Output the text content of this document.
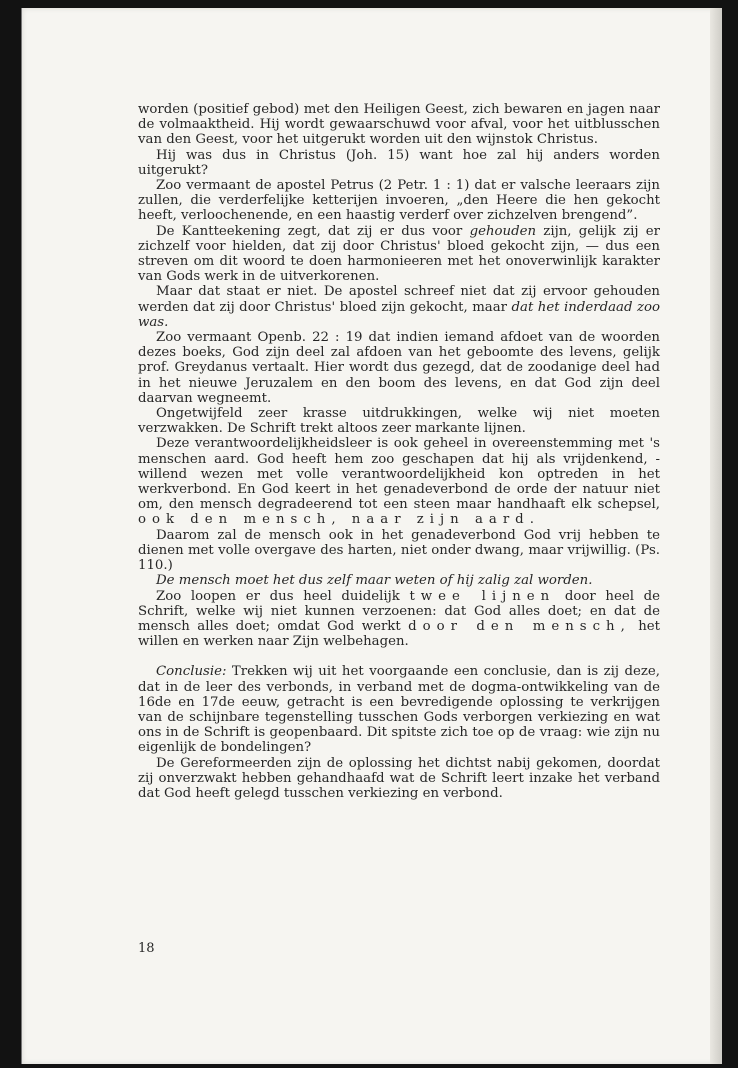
worden (positief gebod) met den Heiligen Geest, zich bewaren en jagen naar de volmaaktheid. Hij wordt gewaarschuwd voor afval, voor het uitblusschen van den Geest, voor het uitgerukt worden uit den wijnstok Christus.

Hij was dus in Christus (Joh. 15) want hoe zal hij anders worden uitgerukt?

Zoo vermaant de apostel Petrus (2 Petr. 1 : 1) dat er valsche leeraars zijn zullen, die verderfelijke ketterijen invoeren, „den Heere die hen gekocht heeft, verloochenende, en een haastig verderf over zichzelven brengend”.

De Kantteekening zegt, dat zij er dus voor gehouden zijn, gelijk zij er zichzelf voor hielden, dat zij door Christus' bloed gekocht zijn, — dus een streven om dit woord te doen harmonieeren met het onoverwinlijk karakter van Gods werk in de uitverkorenen.

Maar dat staat er niet. De apostel schreef niet dat zij ervoor gehouden werden dat zij door Christus' bloed zijn gekocht, maar dat het inderdaad zoo was.

Zoo vermaant Openb. 22 : 19 dat indien iemand afdoet van de woorden dezes boeks, God zijn deel zal afdoen van het geboomte des levens, gelijk prof. Greydanus vertaalt. Hier wordt dus gezegd, dat de zoodanige deel had in het nieuwe Jeruzalem en den boom des levens, en dat God zijn deel daarvan wegneemt.

Ongetwijfeld zeer krasse uitdrukkingen, welke wij niet moeten verzwakken. De Schrift trekt altoos zeer markante lijnen.

Deze verantwoordelijkheidsleer is ook geheel in overeenstemming met 's menschen aard. God heeft hem zoo geschapen dat hij als vrijdenkend, -willend wezen met volle verantwoordelijkheid kon optreden in het werkverbond. En God keert in het genadeverbond de orde der natuur niet om, den mensch degradeerend tot een steen maar handhaaft elk schepsel, ook den mensch, naar zijn aard.

Daarom zal de mensch ook in het genadeverbond God vrij hebben te dienen met volle overgave des harten, niet onder dwang, maar vrijwillig. (Ps. 110.)

De mensch moet het dus zelf maar weten of hij zalig zal worden.

Zoo loopen er dus heel duidelijk twee lijnen door heel de Schrift, welke wij niet kunnen verzoenen: dat God alles doet; en dat de mensch alles doet; omdat God werkt door den mensch, het willen en werken naar Zijn welbehagen.

Conclusie: Trekken wij uit het voorgaande een conclusie, dan is zij deze, dat in de leer des verbonds, in verband met de dogma-ontwikkeling van de 16de en 17de eeuw, getracht is een bevredigende oplossing te verkrijgen van de schijnbare tegenstelling tusschen Gods verborgen verkiezing en wat ons in de Schrift is geopenbaard. Dit spitste zich toe op de vraag: wie zijn nu eigenlijk de bondelingen?

De Gereformeerden zijn de oplossing het dichtst nabij gekomen, doordat zij onverzwakt hebben gehandhaafd wat de Schrift leert inzake het verband dat God heeft gelegd tusschen verkiezing en verbond.

18
